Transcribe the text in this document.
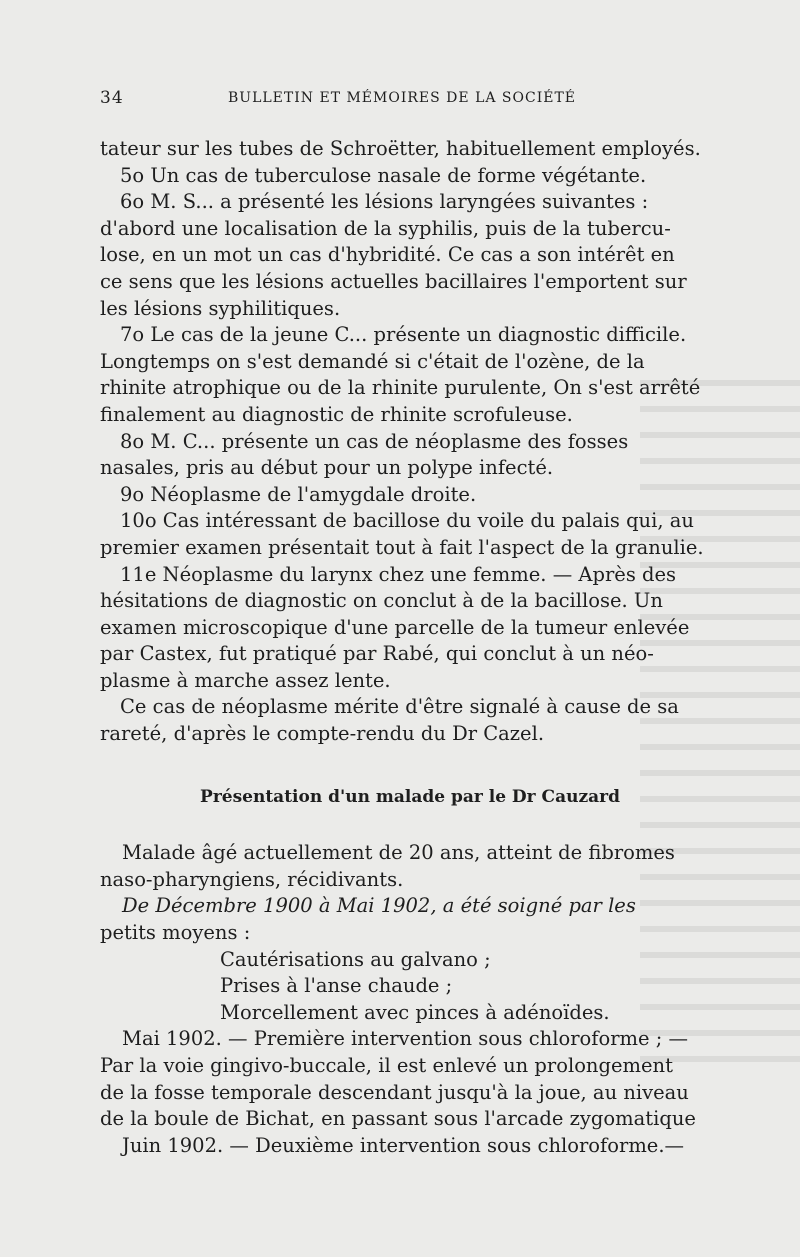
34	BULLETIN ET MÉMOIRES DE LA SOCIÉTÉ

tateur sur les tubes de Schroëtter, habituellement employés.

5o Un cas de tuberculose nasale de forme végétante.

6o M. S... a présenté les lésions laryngées suivantes :

d'abord une localisation de la syphilis, puis de la tubercu-

lose, en un mot un cas d'hybridité. Ce cas a son intérêt en

ce sens que les lésions actuelles bacillaires l'emportent sur

les lésions syphilitiques.

7o Le cas de la jeune C... présente un diagnostic difficile.

Longtemps on s'est demandé si c'était de l'ozène, de la

rhinite atrophique ou de la rhinite purulente, On s'est arrêté

finalement au diagnostic de rhinite scrofuleuse.

8o M. C... présente un cas de néoplasme des fosses

nasales, pris au début pour un polype infecté.

9o Néoplasme de l'amygdale droite.

10o Cas intéressant de bacillose du voile du palais qui, au

premier examen présentait tout à fait l'aspect de la granulie.

11e Néoplasme du larynx chez une femme. — Après des

hésitations de diagnostic on conclut à de la bacillose. Un

examen microscopique d'une parcelle de la tumeur enlevée

par Castex, fut pratiqué par Rabé, qui conclut à un néo-

plasme à marche assez lente.

Ce cas de néoplasme mérite d'être signalé à cause de sa

rareté, d'après le compte-rendu du Dr Cazel.

Présentation d'un malade par le Dr Cauzard

Malade âgé actuellement de 20 ans, atteint de fibromes

naso-pharyngiens, récidivants.

De Décembre 1900 à Mai 1902, a été soigné par les

petits moyens :

Cautérisations au galvano ;

Prises à l'anse chaude ;

Morcellement avec pinces à adénoïdes.

Mai 1902. — Première intervention sous chloroforme ; —

Par la voie gingivo-buccale, il est enlevé un prolongement

de la fosse temporale descendant jusqu'à la joue, au niveau

de la boule de Bichat, en passant sous l'arcade zygomatique

Juin 1902. — Deuxième intervention sous chloroforme.—
